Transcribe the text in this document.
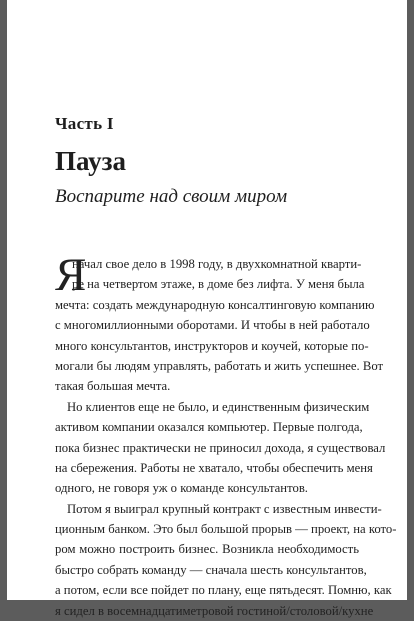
Часть I
Пауза
Воспарите над своим миром
Я
начал свое дело в 1998 году, в двухкомнатной кварти-
ре на четвертом этаже, в доме без лифта. У меня была
мечта: создать международную консалтинговую компанию
с многомиллионными оборотами. И чтобы в ней работало
много консультантов, инструкторов и коучей, которые по-
могали бы людям управлять, работать и жить успешнее. Вот
такая большая мечта.
Но клиентов еще не было, и единственным физическим
активом компании оказался компьютер. Первые полгода,
пока бизнес практически не приносил дохода, я существовал
на сбережения. Работы не хватало, чтобы обеспечить меня
одного, не говоря уж о команде консультантов.
Потом я выиграл крупный контракт с известным инвести-
ционным банком. Это был большой прорыв — проект, на кото-
ром можно построить бизнес. Возникла необходимость
быстро собрать команду — сначала шесть консультантов,
а потом, если все пойдет по плану, еще пятьдесят. Помню, как
я сидел в восемнадцатиметровой гостиной/столовой/кухне
